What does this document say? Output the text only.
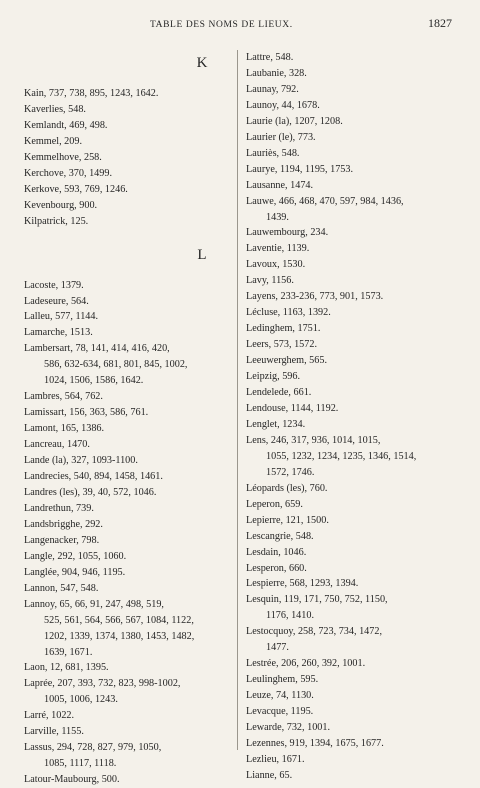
TABLE DES NOMS DE LIEUX.	1827
K
Kain, 737, 738, 895, 1243, 1642.
Kaverlies, 548.
Kemlandt, 469, 498.
Kemmel, 209.
Kemmelhove, 258.
Kerchove, 370, 1499.
Kerkove, 593, 769, 1246.
Kevenbourg, 900.
Kilpatrick, 125.
L
Lacoste, 1379.
Ladeseure, 564.
Lalleu, 577, 1144.
Lamarche, 1513.
Lambersart, 78, 141, 414, 416, 420,
586, 632-634, 681, 801, 845, 1002,
1024, 1506, 1586, 1642.
Lambres, 564, 762.
Lamissart, 156, 363, 586, 761.
Lamont, 165, 1386.
Lancreau, 1470.
Lande (la), 327, 1093-1100.
Landrecies, 540, 894, 1458, 1461.
Landres (les), 39, 40, 572, 1046.
Landrethun, 739.
Landsbrigghe, 292.
Langenacker, 798.
Langle, 292, 1055, 1060.
Langlée, 904, 946, 1195.
Lannon, 547, 548.
Lannoy, 65, 66, 91, 247, 498, 519,
525, 561, 564, 566, 567, 1084, 1122,
1202, 1339, 1374, 1380, 1453, 1482,
1639, 1671.
Laon, 12, 681, 1395.
Laprée, 207, 393, 732, 823, 998-1002,
1005, 1006, 1243.
Larré, 1022.
Larville, 1155.
Lassus, 294, 728, 827, 979, 1050,
1085, 1117, 1118.
Latour-Maubourg, 500.
Lattre, 548.
Laubanie, 328.
Launay, 792.
Launoy, 44, 1678.
Laurie (la), 1207, 1208.
Laurier (le), 773.
Lauriès, 548.
Laurye, 1194, 1195, 1753.
Lausanne, 1474.
Lauwe, 466, 468, 470, 597, 984, 1436,
1439.
Lauwembourg, 234.
Laventie, 1139.
Lavoux, 1530.
Lavy, 1156.
Layens, 233-236, 773, 901, 1573.
Lécluse, 1163, 1392.
Ledinghem, 1751.
Leers, 573, 1572.
Leeuwerghem, 565.
Leipzig, 596.
Lendelede, 661.
Lendouse, 1144, 1192.
Lenglet, 1234.
Lens, 246, 317, 936, 1014, 1015,
1055, 1232, 1234, 1235, 1346, 1514,
1572, 1746.
Léopards (les), 760.
Leperon, 659.
Lepierre, 121, 1500.
Lescangrie, 548.
Lesdain, 1046.
Lesperon, 660.
Lespierre, 568, 1293, 1394.
Lesquin, 119, 171, 750, 752, 1150,
1176, 1410.
Lestocquoy, 258, 723, 734, 1472,
1477.
Lestrée, 206, 260, 392, 1001.
Leulinghem, 595.
Leuze, 74, 1130.
Levacque, 1195.
Lewarde, 732, 1001.
Lezennes, 919, 1394, 1675, 1677.
Lezlieu, 1671.
Lianne, 65.
